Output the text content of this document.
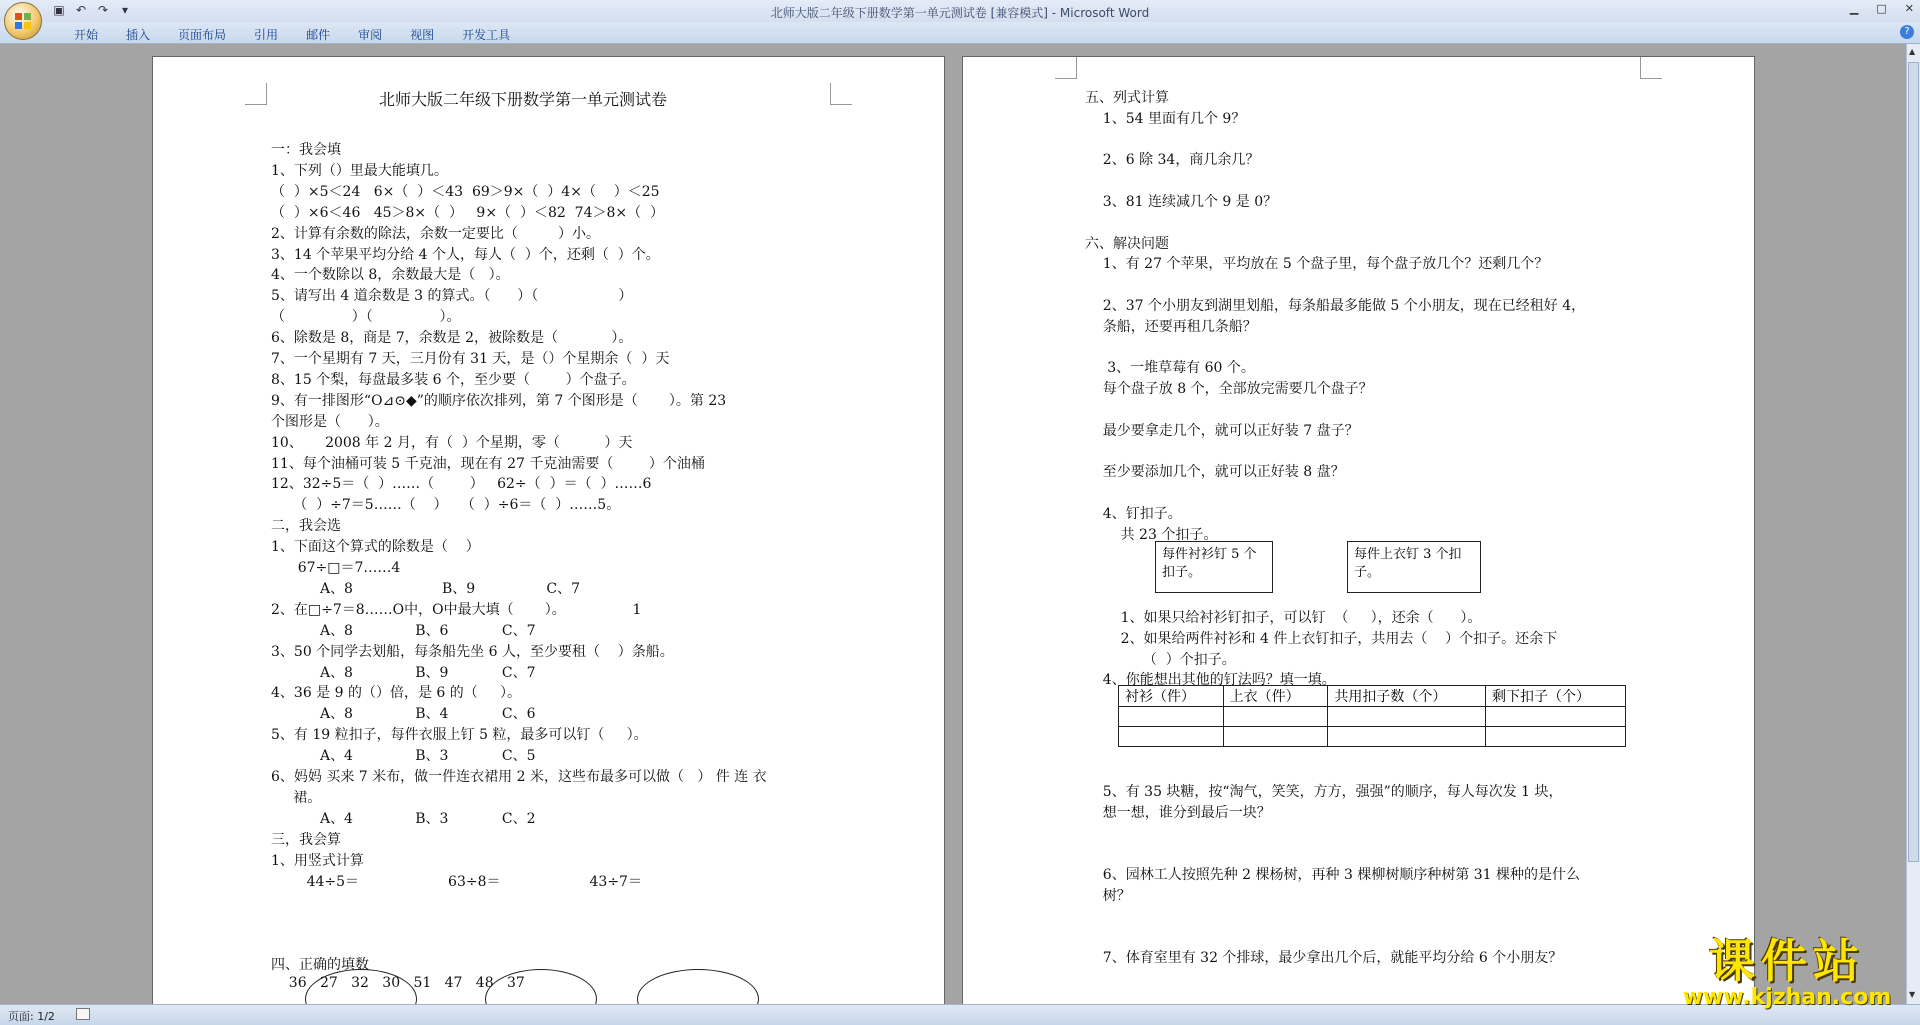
北师大版二年级下册数学第一单元测试卷 [兼容模式] - Microsoft Word
▣ ↶ ↷	▾	▁ □ ✕
开始	插入	页面布局	引用	邮件	审阅	视图	开发工具	?
北师大版二年级下册数学第一单元测试卷
一：我会填
1、下列（）里最大能填几。
（  ）×5＜24   6×（  ）＜43  69＞9×（  ）4×（    ）＜25
（  ）×6＜46   45＞8×（  ）   9×（  ）＜82  74＞8×（  ）
2、计算有余数的除法，余数一定要比（         ）小。
3、14 个苹果平均分给 4 个人，每人（  ）个，还剩（  ）个。
4、一个数除以 8，余数最大是（   ）。
5、请写出 4 道余数是 3 的算式。（      ）（                  ）
（               ）（               ）。
6、除数是 8，商是 7，余数是 2，被除数是（            ）。
7、一个星期有 7 天，三月份有 31 天，是（）个星期余（  ）天
8、15 个梨，每盘最多装 6 个，至少要（        ）个盘子。
9、有一排图形“O⊿⊙◆”的顺序依次排列，第 7 个图形是（       ）。第 23
个图形是（      ）。
10、     2008 年 2 月，有（  ）个星期，零（          ）天
11、每个油桶可装 5 千克油，现在有 27 千克油需要（        ）个油桶
12、32÷5＝（  ）……（        ）   62÷（  ）＝（  ）……6
（  ）÷7＝5……（    ）   （  ）÷6＝（  ）……5。
二，我会选
1、下面这个算式的除数是（    ）
67÷□＝7……4
A、8                    B、9                C、7
2、在□÷7＝8……O中，O中最大填（       ）。               1
A、8              B、6            C、7
3、50 个同学去划船，每条船先坐 6 人，至少要租（    ）条船。
A、8              B、9            C、7
4、36 是 9 的（）倍，是 6 的（     ）。
A、8              B、4            C、6
5、有 19 粒扣子，每件衣服上钉 5 粒，最多可以钉（     ）。
A、4              B、3            C、5
6、妈妈 买来 7 米布，做一件连衣裙用 2 米，这些布最多可以做（   ） 件 连 衣
裙。
A、4              B、3            C、2
三，我会算
1、用竖式计算
44÷5＝                    63÷8＝                    43÷7＝
四、正确的填数
36   27   32   30   51   47   48   37
每件衬衫钉 5 个扣子。
每件上衣钉 3 个扣子。
衬衫（件）	上衣（件）	共用扣子数（个）	剩下扣子（个）

五、列式计算
1、54 里面有几个 9？
2、6 除 34，商几余几？
3、81 连续减几个 9 是 0？
六、解决问题
1、有 27 个苹果，平均放在 5 个盘子里，每个盘子放几个？还剩几个？
2、37 个小朋友到湖里划船，每条船最多能做 5 个小朋友，现在已经租好 4，
条船，还要再租几条船？
3、一堆草莓有 60 个。
每个盘子放 8 个，全部放完需要几个盘子？
最少要拿走几个，就可以正好装 7 盘子？
至少要添加几个，就可以正好装 8 盘？
4、钉扣子。
共 23 个扣子。
1、如果只给衬衫钉扣子，可以钉  （     ），还余（      ）。
2、如果给两件衬衫和 4 件上衣钉扣子，共用去（    ）个扣子。还余下
（  ）个扣子。
4、你能想出其他的钉法吗？填一填。
5、有 35 块糖，按“淘气，笑笑，方方，强强”的顺序，每人每次发 1 块，
想一想，谁分到最后一块？
6、园林工人按照先种 2 棵杨树，再种 3 棵柳树顺序种树第 31 棵种的是什么
树？
7、体育室里有 32 个排球，最少拿出几个后，就能平均分给 6 个小朋友？
▲
▼
页面: 1/2
课件站
www.kjzhan.com
